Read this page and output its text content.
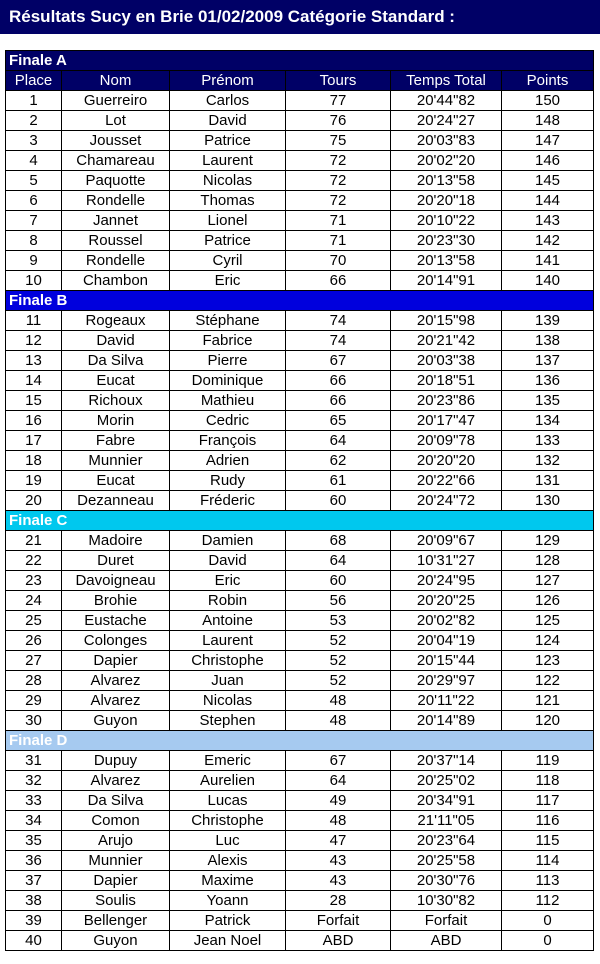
Résultats Sucy en Brie 01/02/2009 Catégorie Standard :
Finale A					
Place	Nom	Prénom	Tours	Temps Total	Points
1	Guerreiro	Carlos	77	20'44"82	150
2	Lot	David	76	20'24"27	148
3	Jousset	Patrice	75	20'03"83	147
4	Chamareau	Laurent	72	20'02"20	146
5	Paquotte	Nicolas	72	20'13"58	145
6	Rondelle	Thomas	72	20'20"18	144
7	Jannet	Lionel	71	20'10"22	143
8	Roussel	Patrice	71	20'23"30	142
9	Rondelle	Cyril	70	20'13"58	141
10	Chambon	Eric	66	20'14"91	140
Finale B					
11	Rogeaux	Stéphane	74	20'15"98	139
12	David	Fabrice	74	20'21"42	138
13	Da Silva	Pierre	67	20'03"38	137
14	Eucat	Dominique	66	20'18"51	136
15	Richoux	Mathieu	66	20'23"86	135
16	Morin	Cedric	65	20'17"47	134
17	Fabre	François	64	20'09"78	133
18	Munnier	Adrien	62	20'20"20	132
19	Eucat	Rudy	61	20'22"66	131
20	Dezanneau	Fréderic	60	20'24"72	130
Finale C					
21	Madoire	Damien	68	20'09"67	129
22	Duret	David	64	10'31"27	128
23	Davoigneau	Eric	60	20'24"95	127
24	Brohie	Robin	56	20'20"25	126
25	Eustache	Antoine	53	20'02"82	125
26	Colonges	Laurent	52	20'04"19	124
27	Dapier	Christophe	52	20'15"44	123
28	Alvarez	Juan	52	20'29"97	122
29	Alvarez	Nicolas	48	20'11"22	121
30	Guyon	Stephen	48	20'14"89	120
Finale D					
31	Dupuy	Emeric	67	20'37"14	119
32	Alvarez	Aurelien	64	20'25"02	118
33	Da Silva	Lucas	49	20'34"91	117
34	Comon	Christophe	48	21'11"05	116
35	Arujo	Luc	47	20'23"64	115
36	Munnier	Alexis	43	20'25"58	114
37	Dapier	Maxime	43	20'30"76	113
38	Soulis	Yoann	28	10'30"82	112
39	Bellenger	Patrick	Forfait	Forfait	0
40	Guyon	Jean Noel	ABD	ABD	0
